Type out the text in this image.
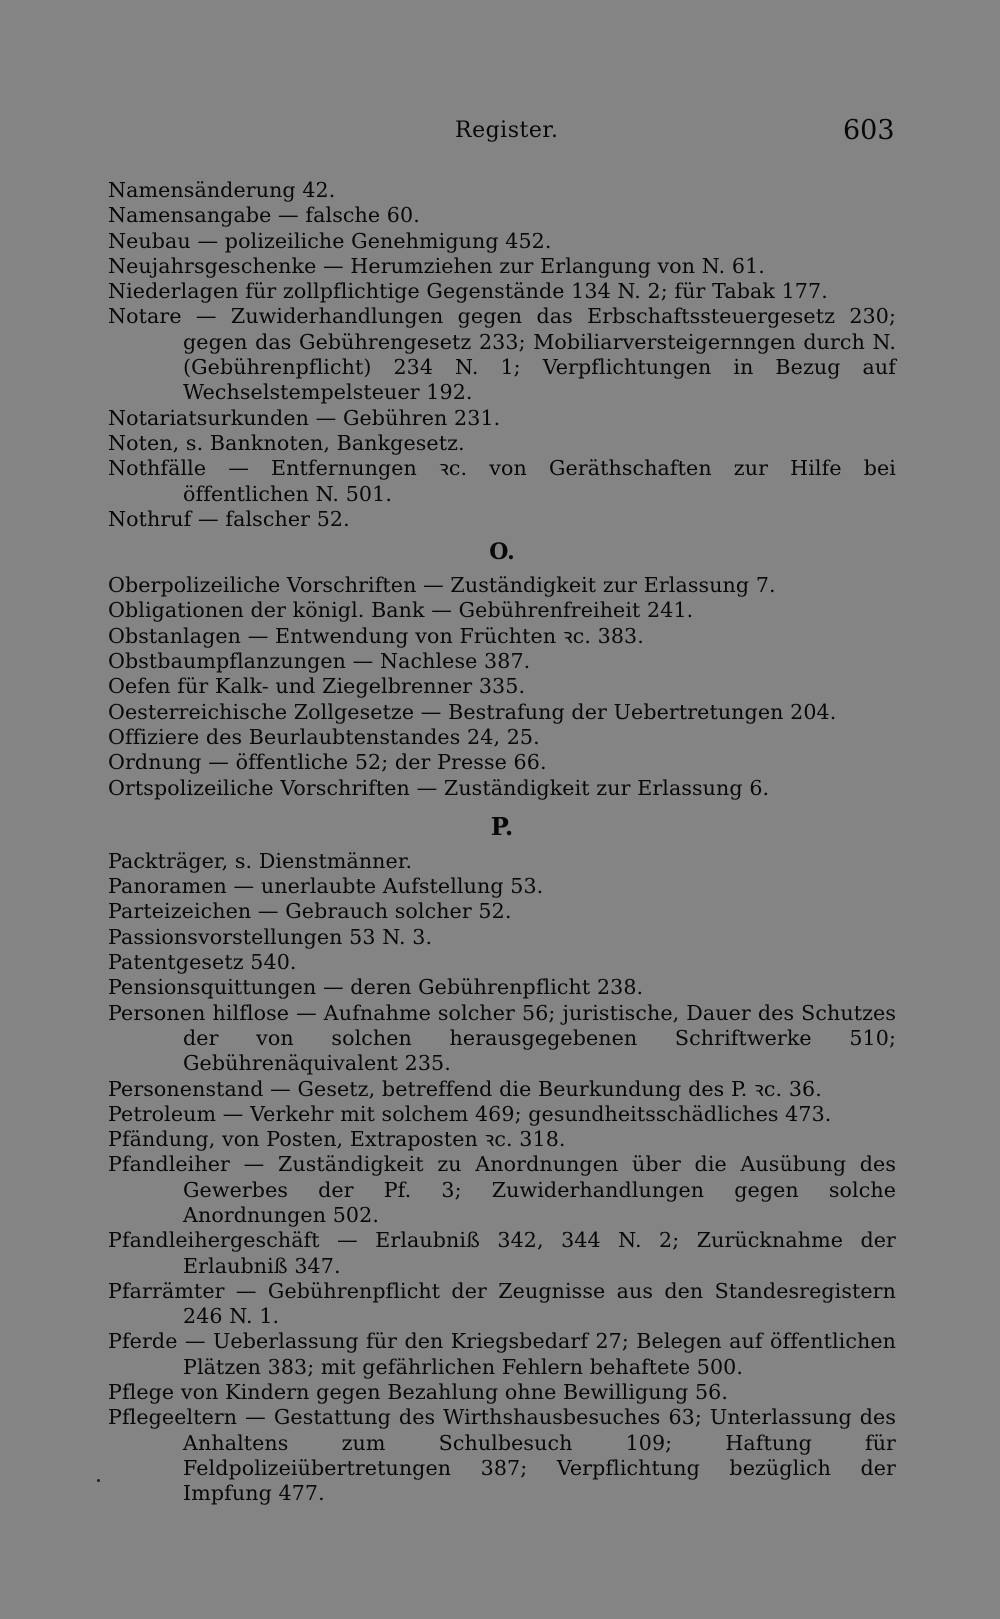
Register.	603
Namensänderung 42.
Namensangabe — falsche 60.
Neubau — polizeiliche Genehmigung 452.
Neujahrsgeschenke — Herumziehen zur Erlangung von N. 61.
Niederlagen für zollpflichtige Gegenstände 134 N. 2; für Tabak 177.
Notare — Zuwiderhandlungen gegen das Erbschaftssteuergesetz 230; gegen das Gebührengesetz 233; Mobiliarversteigernngen durch N. (Gebührenpflicht) 234 N. 1; Verpflichtungen in Bezug auf Wechselstempelsteuer 192.
Notariatsurkunden — Gebühren 231.
Noten, s. Banknoten, Bankgesetz.
Nothfälle — Entfernungen ꝛc. von Geräthschaften zur Hilfe bei öffentlichen N. 501.
Nothruf — falscher 52.
O.
Oberpolizeiliche Vorschriften — Zuständigkeit zur Erlassung 7.
Obligationen der königl. Bank — Gebührenfreiheit 241.
Obstanlagen — Entwendung von Früchten ꝛc. 383.
Obstbaumpflanzungen — Nachlese 387.
Oefen für Kalk- und Ziegelbrenner 335.
Oesterreichische Zollgesetze — Bestrafung der Uebertretungen 204.
Offiziere des Beurlaubtenstandes 24, 25.
Ordnung — öffentliche 52; der Presse 66.
Ortspolizeiliche Vorschriften — Zuständigkeit zur Erlassung 6.
P.
Packträger, s. Dienstmänner.
Panoramen — unerlaubte Aufstellung 53.
Parteizeichen — Gebrauch solcher 52.
Passionsvorstellungen 53 N. 3.
Patentgesetz 540.
Pensionsquittungen — deren Gebührenpflicht 238.
Personen hilflose — Aufnahme solcher 56; juristische, Dauer des Schutzes der von solchen herausgegebenen Schriftwerke 510; Gebührenäquivalent 235.
Personenstand — Gesetz, betreffend die Beurkundung des P. ꝛc. 36.
Petroleum — Verkehr mit solchem 469; gesundheitsschädliches 473.
Pfändung, von Posten, Extraposten ꝛc. 318.
Pfandleiher — Zuständigkeit zu Anordnungen über die Ausübung des Gewerbes der Pf. 3; Zuwiderhandlungen gegen solche Anordnungen 502.
Pfandleihergeschäft — Erlaubniß 342, 344 N. 2; Zurücknahme der Erlaubniß 347.
Pfarrämter — Gebührenpflicht der Zeugnisse aus den Standesregistern 246 N. 1.
Pferde — Ueberlassung für den Kriegsbedarf 27; Belegen auf öffentlichen Plätzen 383; mit gefährlichen Fehlern behaftete 500.
Pflege von Kindern gegen Bezahlung ohne Bewilligung 56.
Pflegeeltern — Gestattung des Wirthshausbesuches 63; Unterlassung des Anhaltens zum Schulbesuch 109; Haftung für Feldpolizeiübertretungen 387; Verpflichtung bezüglich der Impfung 477.
